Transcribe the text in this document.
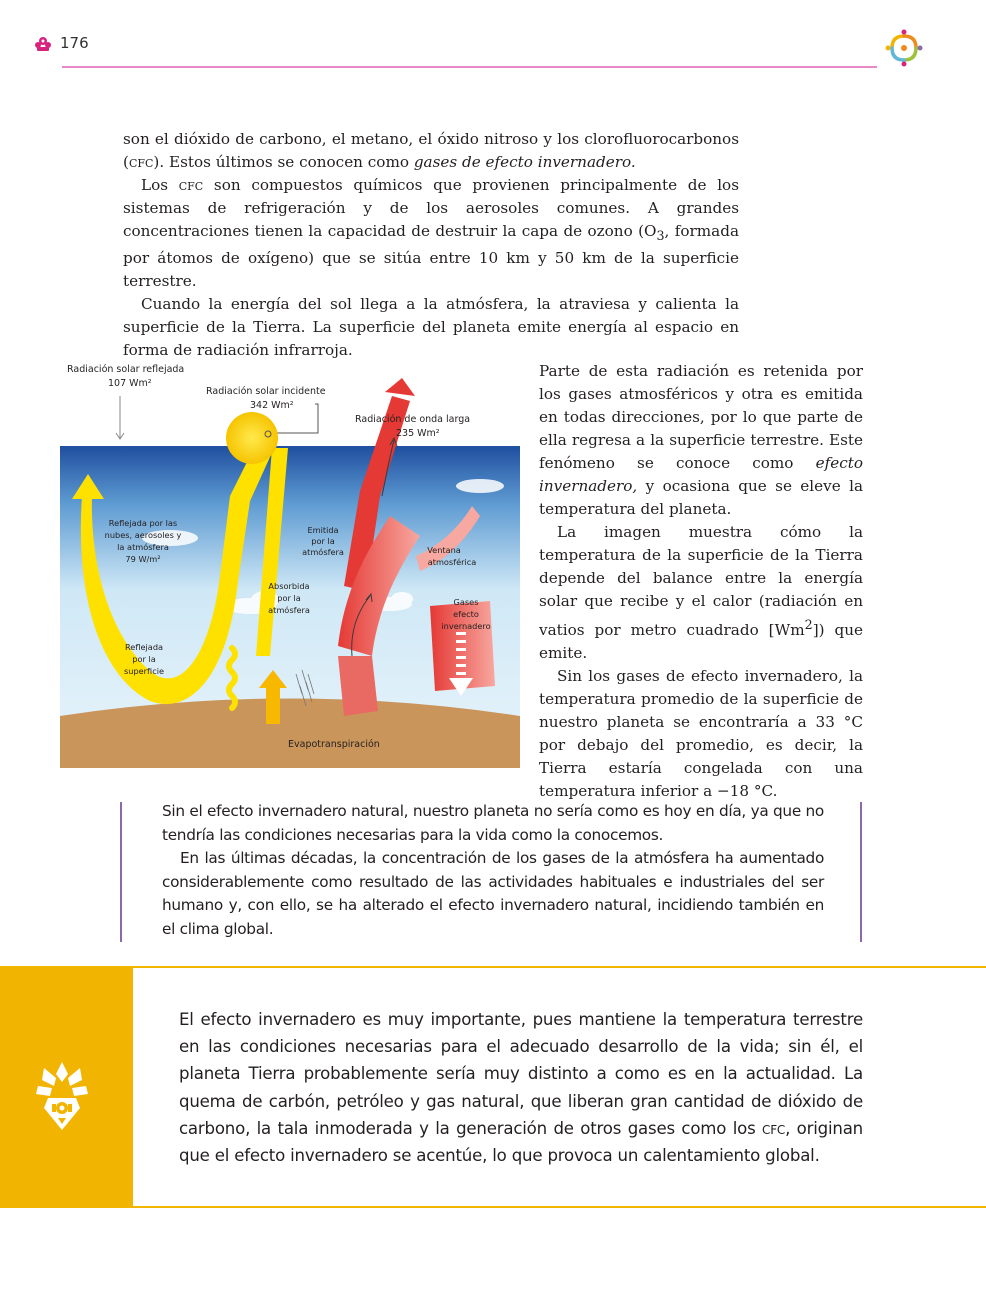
176

son el dióxido de carbono, el metano, el óxido nitroso y los clorofluorocarbonos (cfc). Estos últimos se conocen como gases de efecto invernadero.

Los cfc son compuestos químicos que provienen principalmente de los sistemas de refrigeración y de los aerosoles comunes. A grandes concentraciones tienen la capacidad de destruir la capa de ozono ($O_3$, formada por átomos de oxígeno) que se sitúa entre 10 km y 50 km de la superficie terrestre.

Cuando la energía del sol llega a la atmósfera, la atraviesa y calienta la superficie de la Tierra. La superficie del planeta emite energía al espacio en forma de radiación infrarroja.

Radiación solar reflejada
107 Wm²
Radiación solar incidente
342 Wm²
Radiación de onda larga
235 Wm²
Reflejada por las
nubes, aerosoles y
la atmósfera
79 W/m²
Emitida
por la
atmósfera	Ventana
atmosférica
Absorbida
por la
atmósfera
Gases
efecto
invernadero
Reflejada
por la
superficie
Evapotranspiración

Parte de esta radiación es retenida por los gases atmosféricos y otra es emitida en todas direcciones, por lo que parte de ella regresa a la superficie terrestre. Este fenómeno se conoce como efecto invernadero, y ocasiona que se eleve la temperatura del planeta.

La imagen muestra cómo la temperatura de la superficie de la Tierra depende del balance entre la energía solar que recibe y el calor (radiación en vatios por metro cuadrado [Wm$^2$]) que emite.

Sin los gases de efecto invernadero, la temperatura promedio de la superficie de nuestro planeta se encontraría a 33 °C por debajo del promedio, es decir, la Tierra estaría congelada con una temperatura inferior a −18 °C.

Sin el efecto invernadero natural, nuestro planeta no sería como es hoy en día, ya que no tendría las condiciones necesarias para la vida como la conocemos.

En las últimas décadas, la concentración de los gases de la atmósfera ha aumentado considerablemente como resultado de las actividades habituales e industriales del ser humano y, con ello, se ha alterado el efecto invernadero natural, incidiendo también en el clima global.

El efecto invernadero es muy importante, pues mantiene la temperatura terrestre en las condiciones necesarias para el adecuado desarrollo de la vida; sin él, el planeta Tierra probablemente sería muy distinto a como es en la actualidad. La quema de carbón, petróleo y gas natural, que liberan gran cantidad de dióxido de carbono, la tala inmoderada y la generación de otros gases como los cfc, originan que el efecto invernadero se acentúe, lo que provoca un calentamiento global.
